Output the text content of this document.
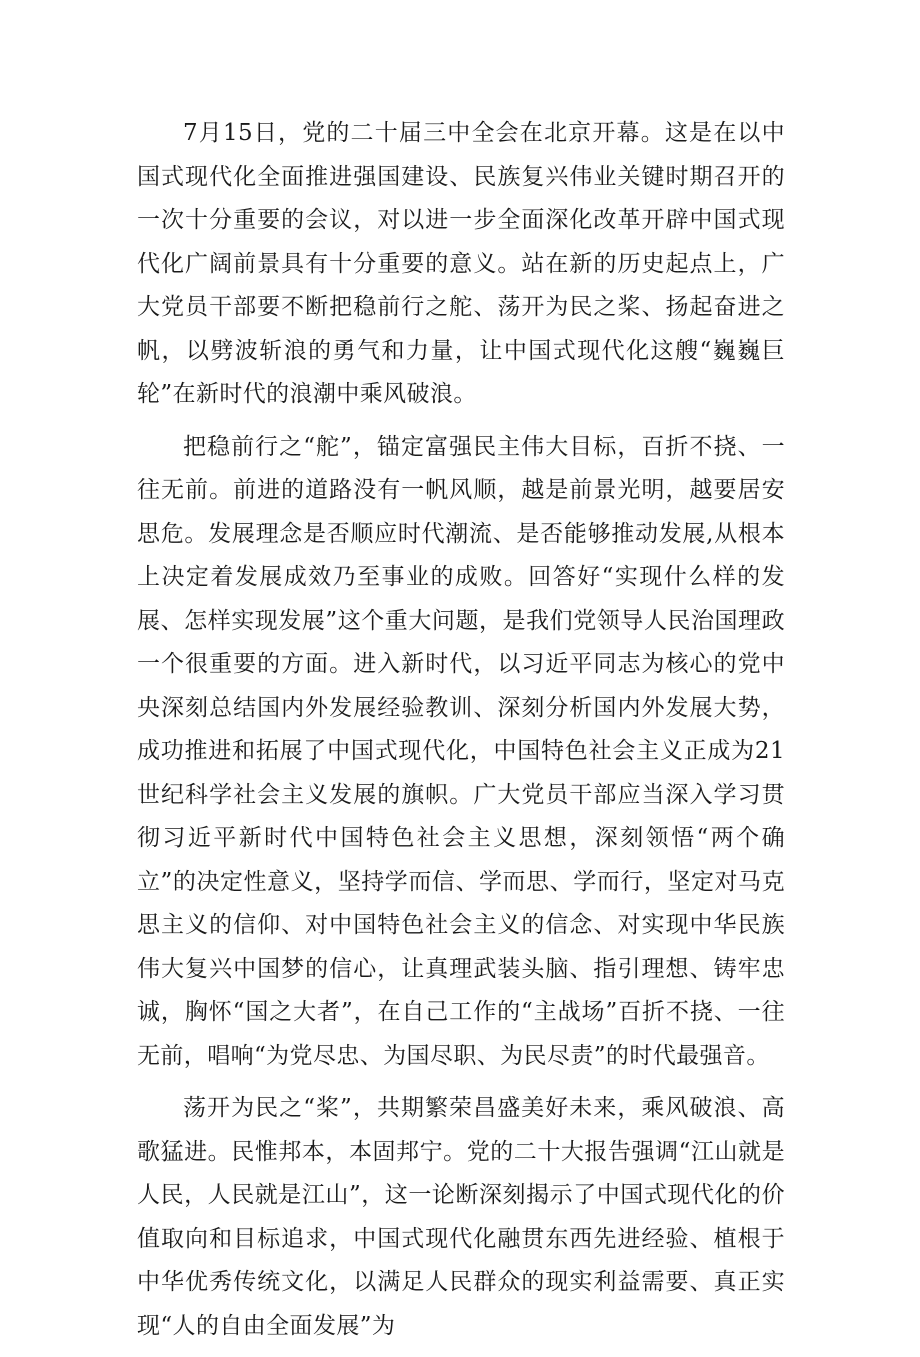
7月15日，党的二十届三中全会在北京开幕。这是在以中国式现代化全面推进强国建设、民族复兴伟业关键时期召开的一次十分重要的会议，对以进一步全面深化改革开辟中国式现代化广阔前景具有十分重要的意义。站在新的历史起点上，广大党员干部要不断把稳前行之舵、荡开为民之桨、扬起奋进之帆，以劈波斩浪的勇气和力量，让中国式现代化这艘“巍巍巨轮”在新时代的浪潮中乘风破浪。

把稳前行之“舵”，锚定富强民主伟大目标，百折不挠、一往无前。前进的道路没有一帆风顺，越是前景光明，越要居安思危。发展理念是否顺应时代潮流、是否能够推动发展,从根本上决定着发展成效乃至事业的成败。回答好“实现什么样的发展、怎样实现发展”这个重大问题，是我们党领导人民治国理政一个很重要的方面。进入新时代，以习近平同志为核心的党中央深刻总结国内外发展经验教训、深刻分析国内外发展大势，成功推进和拓展了中国式现代化，中国特色社会主义正成为21世纪科学社会主义发展的旗帜。广大党员干部应当深入学习贯彻习近平新时代中国特色社会主义思想，深刻领悟“两个确立”的决定性意义，坚持学而信、学而思、学而行，坚定对马克思主义的信仰、对中国特色社会主义的信念、对实现中华民族伟大复兴中国梦的信心，让真理武装头脑、指引理想、铸牢忠诚，胸怀“国之大者”，在自己工作的“主战场”百折不挠、一往无前，唱响“为党尽忠、为国尽职、为民尽责”的时代最强音。

荡开为民之“桨”，共期繁荣昌盛美好未来，乘风破浪、高歌猛进。民惟邦本，本固邦宁。党的二十大报告强调“江山就是人民，人民就是江山”，这一论断深刻揭示了中国式现代化的价值取向和目标追求，中国式现代化融贯东西先进经验、植根于中华优秀传统文化，以满足人民群众的现实利益需要、真正实现“人的自由全面发展”为
